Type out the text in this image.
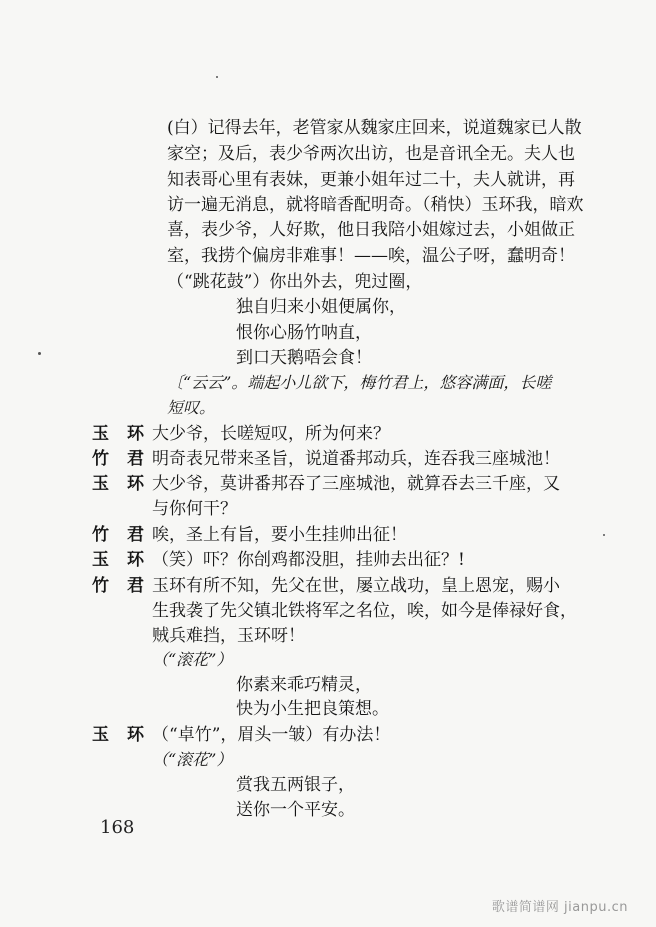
(白）记得去年，老管家从魏家庄回来，说道魏家已人散
家空；及后，表少爷两次出访，也是音讯全无。夫人也
知表哥心里有表妹，更兼小姐年过二十，夫人就讲，再
访一遍无消息，就将暗香配明奇。（稍快）玉环我，暗欢
喜，表少爷，人好欺，他日我陪小姐嫁过去，小姐做正
室，我捞个偏房非难事！——唉，温公子呀，蠢明奇！
（“跳花鼓”）你出外去，兜过圈，
独自归来小姐便属你，
恨你心肠竹呐直，
到口天鹅唔会食！
〔“云云”。端起小儿欲下，梅竹君上，悠容满面，长嗟
短叹。
玉环
大少爷，长嗟短叹，所为何来？
竹君
明奇表兄带来圣旨，说道番邦动兵，连吞我三座城池！
玉环
大少爷，莫讲番邦吞了三座城池，就算吞去三千座，又
与你何干？
竹君
唉，圣上有旨，要小生挂帅出征！
玉环
（笑）吓？你刣鸡都没胆，挂帅去出征？!
竹君
玉环有所不知，先父在世，屡立战功，皇上恩宠，赐小
生我袭了先父镇北铁将军之名位，唉，如今是俸禄好食，
贼兵难挡，玉环呀！
（“滚花”）
你素来乖巧精灵，
快为小生把良策想。
玉环
（“卓竹”，眉头一皱）有办法！
（“滚花”）
赏我五两银子，
送你一个平安。
168
歌谱简谱网 jianpu.cn
